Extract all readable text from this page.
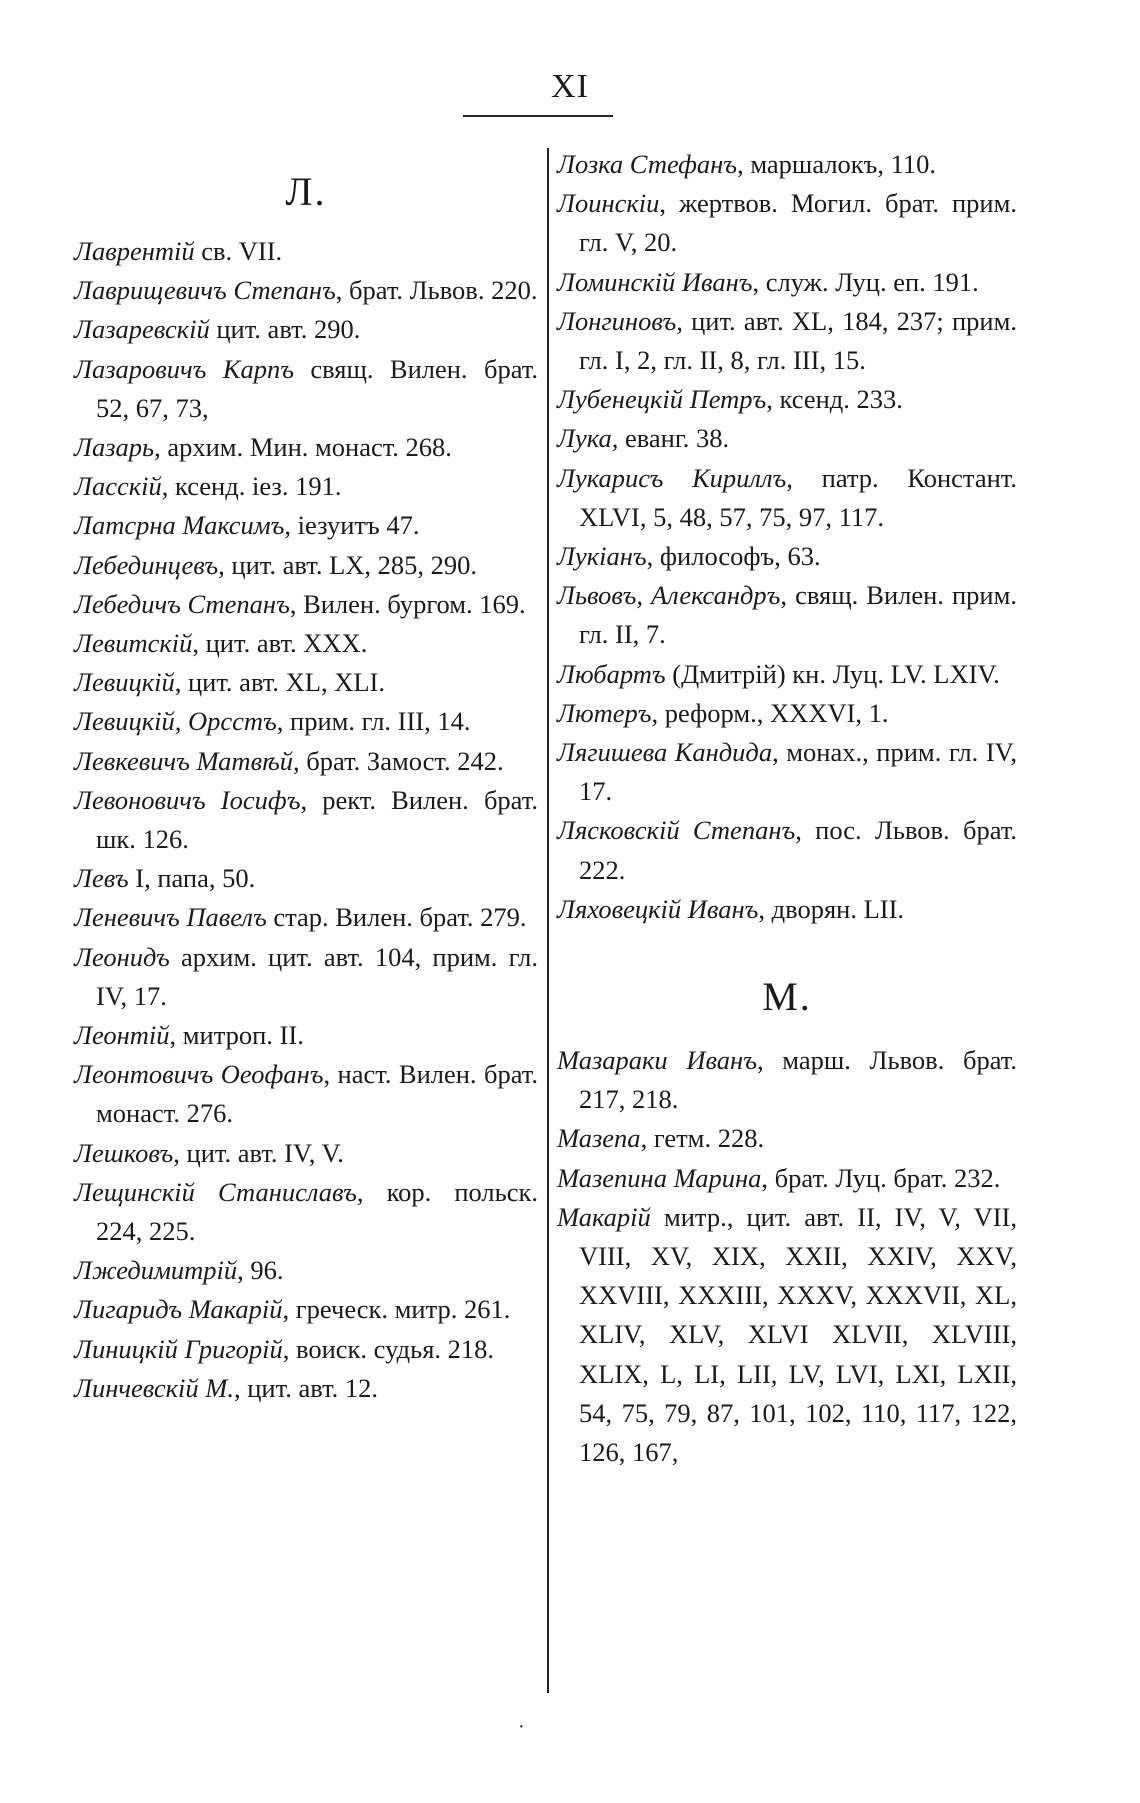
XI
Л.
Лаврентій св. VII.
Лаврищевичъ Степанъ, брат. Львов. 220.
Лазаревскій цит. авт. 290.
Лазаровичъ Карпъ свящ. Вилен. брат. 52, 67, 73,
Лазарь, архим. Мин. монаст. 268.
Ласскій, ксенд. iез. 191.
Латсрна Максимъ, iезуитъ 47.
Лебединцевъ, цит. авт. LX, 285, 290.
Лебедичъ Степанъ, Вилен. бургом. 169.
Левитскій, цит. авт. XXX.
Левицкій, цит. авт. XL, XLI.
Левицкій, Орсстъ, прим. гл. III, 14.
Левкевичъ Матвѣй, брат. Замост. 242.
Левоновичъ Іосифъ, рект. Вилен. брат. шк. 126.
Левъ I, папа, 50.
Леневичъ Павелъ стар. Вилен. брат. 279.
Леонидъ архим. цит. авт. 104, прим. гл. IV, 17.
Леонтій, митроп. II.
Леонтовичъ Оеофанъ, наст. Вилен. брат. монаст. 276.
Лешковъ, цит. авт. IV, V.
Лещинскій Станиславъ, кор. польск. 224, 225.
Лжедимитрій, 96.
Лигаридъ Макарій, греческ. митр. 261.
Линицкій Григорій, воиск. судья. 218.
Линчевскій М., цит. авт. 12.
Лозка Стефанъ, маршалокъ, 110.
Лоинскіи, жертвов. Могил. брат. прим. гл. V, 20.
Ломинскій Иванъ, служ. Луц. еп. 191.
Лонгиновъ, цит. авт. XL, 184, 237; прим. гл. I, 2, гл. II, 8, гл. III, 15.
Лубенецкій Петръ, ксенд. 233.
Лука, еванг. 38.
Лукарисъ Кириллъ, патр. Констант. XLVI, 5, 48, 57, 75, 97, 117.
Лукіанъ, философъ, 63.
Львовъ, Александръ, свящ. Вилен. прим. гл. II, 7.
Любартъ (Дмитрій) кн. Луц. LV. LXIV.
Лютеръ, реформ., XXXVI, 1.
Лягишева Кандида, монах., прим. гл. IV, 17.
Лясковскій Степанъ, пос. Львов. брат. 222.
Ляховецкій Иванъ, дворян. LII.
М.
Мазараки Иванъ, марш. Львов. брат. 217, 218.
Мазепа, гетм. 228.
Мазепина Марина, брат. Луц. брат. 232.
Макарій митр., цит. авт. II, IV, V, VII, VIII, XV, XIX, XXII, XXIV, XXV, XXVIII, XXXIII, XXXV, XXXVII, XL, XLIV, XLV, XLVI XLVII, XLVIII, XLIX, L, LI, LII, LV, LVI, LXI, LXII, 54, 75, 79, 87, 101, 102, 110, 117, 122, 126, 167,
·
